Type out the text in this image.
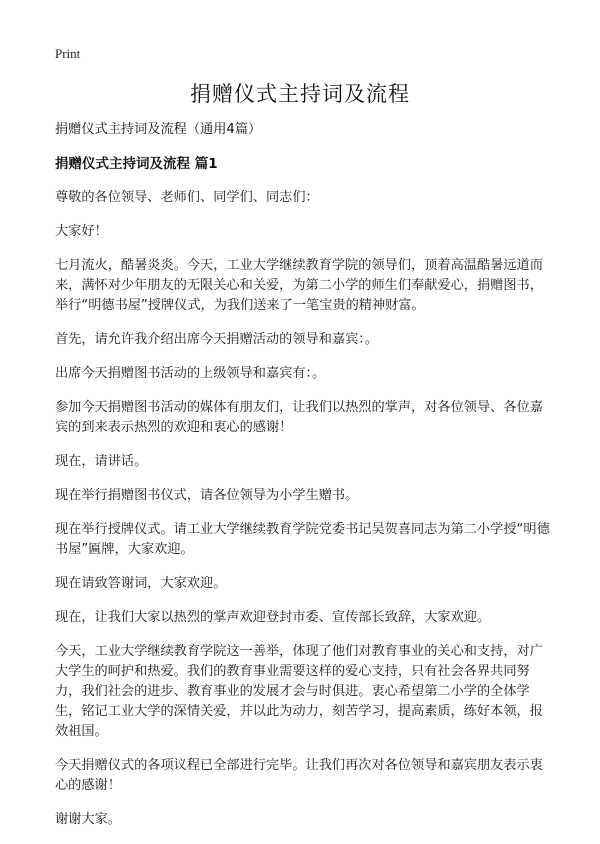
Print
捐赠仪式主持词及流程

捐赠仪式主持词及流程（通用4篇）

捐赠仪式主持词及流程 篇1

尊敬的各位领导、老师们、同学们、同志们：

大家好！

七月流火，酷暑炎炎。今天，工业大学继续教育学院的领导们，顶着高温酷暑远道而来，满怀对少年朋友的无限关心和关爱，为第二小学的师生们奉献爱心，捐赠图书，举行“明德书屋”授牌仪式，为我们送来了一笔宝贵的精神财富。

首先，请允许我介绍出席今天捐赠活动的领导和嘉宾：。

出席今天捐赠图书活动的上级领导和嘉宾有：。

参加今天捐赠图书活动的媒体有朋友们，让我们以热烈的掌声，对各位领导、各位嘉宾的到来表示热烈的欢迎和衷心的感谢！

现在，请讲话。

现在举行捐赠图书仪式，请各位领导为小学生赠书。

现在举行授牌仪式。请工业大学继续教育学院党委书记吴贺喜同志为第二小学授“明德书屋”匾牌，大家欢迎。

现在请致答谢词，大家欢迎。

现在，让我们大家以热烈的掌声欢迎登封市委、宣传部长致辞，大家欢迎。

今天，工业大学继续教育学院这一善举，体现了他们对教育事业的关心和支持，对广大学生的呵护和热爱。我们的教育事业需要这样的爱心支持，只有社会各界共同努力，我们社会的进步、教育事业的发展才会与时俱进。衷心希望第二小学的全体学生，铭记工业大学的深情关爱，并以此为动力，刻苦学习，提高素质，练好本领，报效祖国。

今天捐赠仪式的各项议程已全部进行完毕。让我们再次对各位领导和嘉宾朋友表示衷心的感谢！

谢谢大家。
